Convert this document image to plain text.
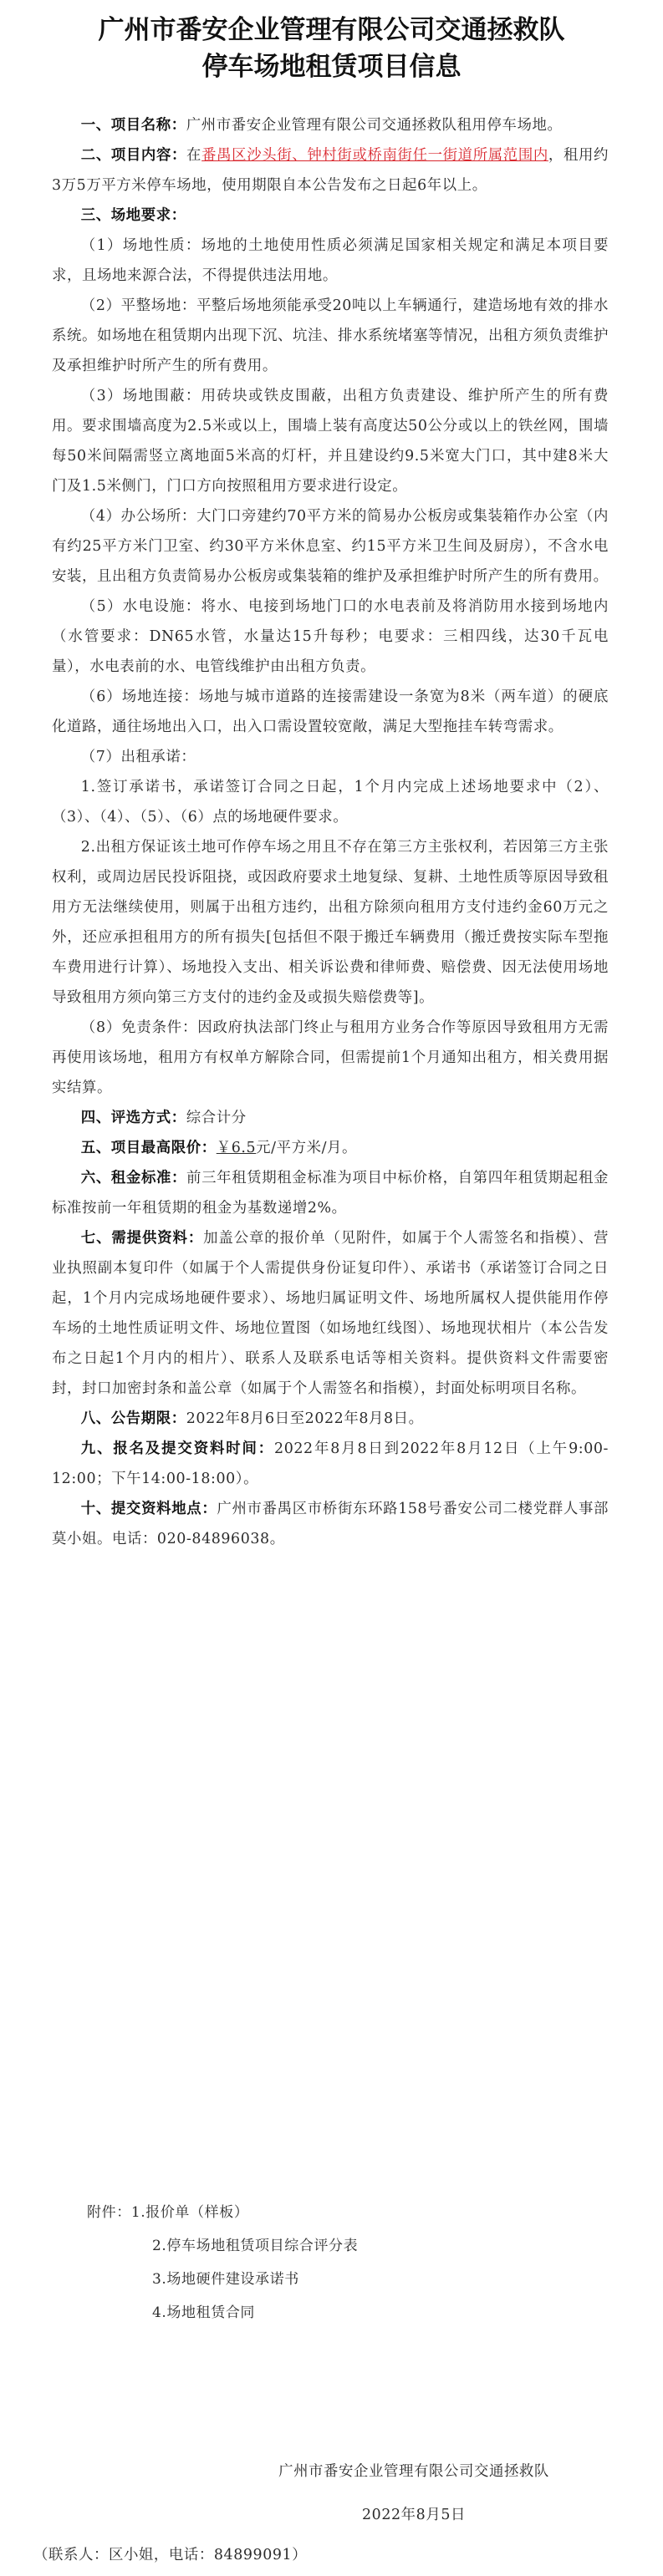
广州市番安企业管理有限公司交通拯救队
停车场地租赁项目信息

一、项目名称：广州市番安企业管理有限公司交通拯救队租用停车场地。

二、项目内容：在番禺区沙头街、钟村街或桥南街任一街道所属范围内，租用约3万5万平方米停车场地，使用期限自本公告发布之日起6年以上。

三、场地要求：

（1）场地性质：场地的土地使用性质必须满足国家相关规定和满足本项目要求，且场地来源合法，不得提供违法用地。

（2）平整场地：平整后场地须能承受20吨以上车辆通行，建造场地有效的排水系统。如场地在租赁期内出现下沉、坑洼、排水系统堵塞等情况，出租方须负责维护及承担维护时所产生的所有费用。

（3）场地围蔽：用砖块或铁皮围蔽，出租方负责建设、维护所产生的所有费用。要求围墙高度为2.5米或以上，围墙上装有高度达50公分或以上的铁丝网，围墙每50米间隔需竖立离地面5米高的灯杆，并且建设约9.5米宽大门口，其中建8米大门及1.5米侧门，门口方向按照租用方要求进行设定。

（4）办公场所：大门口旁建约70平方米的简易办公板房或集装箱作办公室（内有约25平方米门卫室、约30平方米休息室、约15平方米卫生间及厨房），不含水电安装，且出租方负责简易办公板房或集装箱的维护及承担维护时所产生的所有费用。

（5）水电设施：将水、电接到场地门口的水电表前及将消防用水接到场地内（水管要求：DN65水管，水量达15升每秒；电要求：三相四线，达30千瓦电量），水电表前的水、电管线维护由出租方负责。

（6）场地连接：场地与城市道路的连接需建设一条宽为8米（两车道）的硬底化道路，通往场地出入口，出入口需设置较宽敞，满足大型拖挂车转弯需求。

（7）出租承诺：

1.签订承诺书，承诺签订合同之日起，1个月内完成上述场地要求中（2）、（3）、（4）、（5）、（6）点的场地硬件要求。

2.出租方保证该土地可作停车场之用且不存在第三方主张权利，若因第三方主张权利，或周边居民投诉阻挠，或因政府要求土地复绿、复耕、土地性质等原因导致租用方无法继续使用，则属于出租方违约，出租方除须向租用方支付违约金60万元之外，还应承担租用方的所有损失[包括但不限于搬迁车辆费用（搬迁费按实际车型拖车费用进行计算）、场地投入支出、相关诉讼费和律师费、赔偿费、因无法使用场地导致租用方须向第三方支付的违约金及或损失赔偿费等]。

（8）免责条件：因政府执法部门终止与租用方业务合作等原因导致租用方无需再使用该场地，租用方有权单方解除合同，但需提前1个月通知出租方，相关费用据实结算。

四、评选方式：综合计分

五、项目最高限价：￥6.5元/平方米/月。

六、租金标准：前三年租赁期租金标准为项目中标价格，自第四年租赁期起租金标准按前一年租赁期的租金为基数递增2%。

七、需提供资料：加盖公章的报价单（见附件，如属于个人需签名和指模）、营业执照副本复印件（如属于个人需提供身份证复印件）、承诺书（承诺签订合同之日起，1个月内完成场地硬件要求）、场地归属证明文件、场地所属权人提供能用作停车场的土地性质证明文件、场地位置图（如场地红线图）、场地现状相片（本公告发布之日起1个月内的相片）、联系人及联系电话等相关资料。提供资料文件需要密封，封口加密封条和盖公章（如属于个人需签名和指模），封面处标明项目名称。

八、公告期限：2022年8月6日至2022年8月8日。

九、报名及提交资料时间：2022年8月8日到2022年8月12日（上午9:00-12:00；下午14:00-18:00）。

十、提交资料地点：广州市番禺区市桥街东环路158号番安公司二楼党群人事部莫小姐。电话：020-84896038。

附件：1.报价单（样板）
2.停车场地租赁项目综合评分表
3.场地硬件建设承诺书
4.场地租赁合同
广州市番安企业管理有限公司交通拯救队
2022年8月5日
（联系人：区小姐，电话：84899091）
